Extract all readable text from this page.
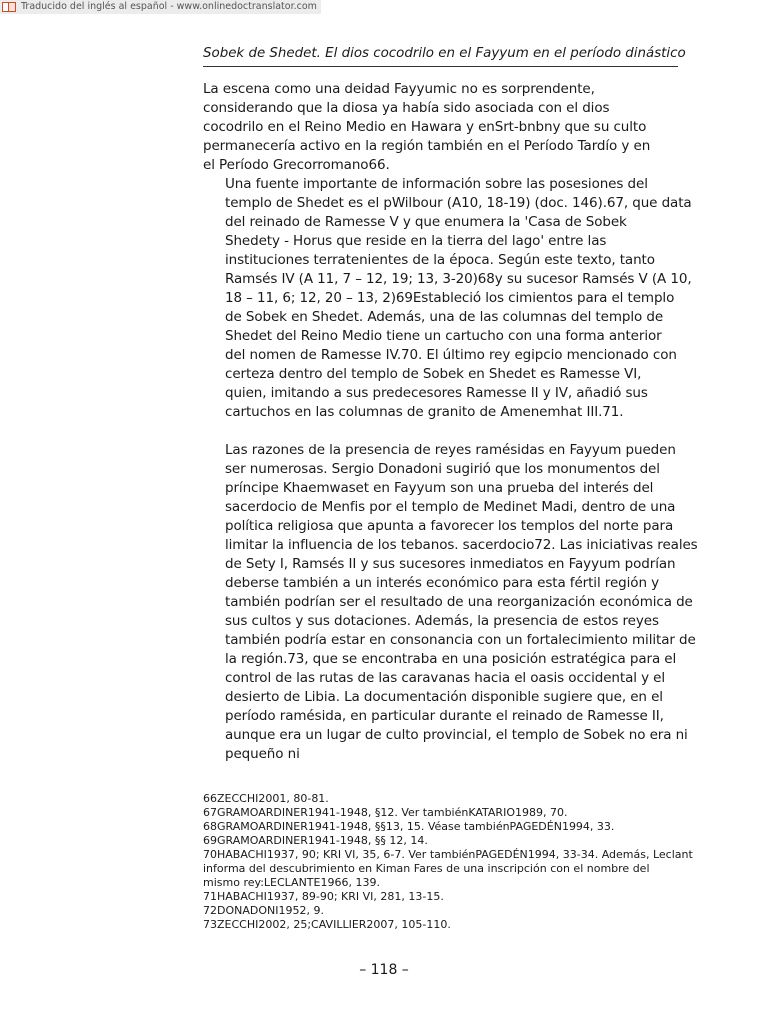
Traducido del inglés al español - www.onlinedoctranslator.com
Sobek de Shedet. El dios cocodrilo en el Fayyum en el período dinástico

La escena como una deidad Fayyumic no es sorprendente,
considerando que la diosa ya había sido asociada con el dios
cocodrilo en el Reino Medio en Hawara y enSrt-bnbny que su culto
permanecería activo en la región también en el Período Tardío y en
el Período Grecorromano66.

Una fuente importante de información sobre las posesiones del
templo de Shedet es el pWilbour (A10, 18-19) (doc. 146).67, que data
del reinado de Ramesse V y que enumera la 'Casa de Sobek
Shedety - Horus que reside en la tierra del lago' entre las
instituciones terratenientes de la época. Según este texto, tanto
Ramsés IV (A 11, 7 – 12, 19; 13, 3-20)68y su sucesor Ramsés V (A 10,
18 – 11, 6; 12, 20 – 13, 2)69Estableció los cimientos para el templo
de Sobek en Shedet. Además, una de las columnas del templo de
Shedet del Reino Medio tiene un cartucho con una forma anterior
del nomen de Ramesse IV.70. El último rey egipcio mencionado con
certeza dentro del templo de Sobek en Shedet es Ramesse VI,
quien, imitando a sus predecesores Ramesse II y IV, añadió sus
cartuchos en las columnas de granito de Amenemhat III.71.

Las razones de la presencia de reyes ramésidas en Fayyum pueden
ser numerosas. Sergio Donadoni sugirió que los monumentos del
príncipe Khaemwaset en Fayyum son una prueba del interés del
sacerdocio de Menfis por el templo de Medinet Madi, dentro de una
política religiosa que apunta a favorecer los templos del norte para
limitar la influencia de los tebanos. sacerdocio72. Las iniciativas reales
de Sety I, Ramsés II y sus sucesores inmediatos en Fayyum podrían
deberse también a un interés económico para esta fértil región y
también podrían ser el resultado de una reorganización económica de
sus cultos y sus dotaciones. Además, la presencia de estos reyes
también podría estar en consonancia con un fortalecimiento militar de
la región.73, que se encontraba en una posición estratégica para el
control de las rutas de las caravanas hacia el oasis occidental y el
desierto de Libia. La documentación disponible sugiere que, en el
período ramésida, en particular durante el reinado de Ramesse II,
aunque era un lugar de culto provincial, el templo de Sobek no era ni
pequeño ni

66ZECCHI2001, 80-81.

67GRAMOARDINER1941-1948, §12. Ver tambiénKATARIO1989, 70.

68GRAMOARDINER1941-1948, §§13, 15. Véase tambiénPAGEDÉN1994, 33.

69GRAMOARDINER1941-1948, §§ 12, 14.

70HABACHI1937, 90; KRI VI, 35, 6-7. Ver tambiénPAGEDÉN1994, 33-34. Además, Leclant
informa del descubrimiento en Kiman Fares de una inscripción con el nombre del
mismo rey:LECLANTE1966, 139.

71HABACHI1937, 89-90; KRI VI, 281, 13-15.

72DONADONI1952, 9.

73ZECCHI2002, 25;CAVILLIER2007, 105-110.

– 118 –
